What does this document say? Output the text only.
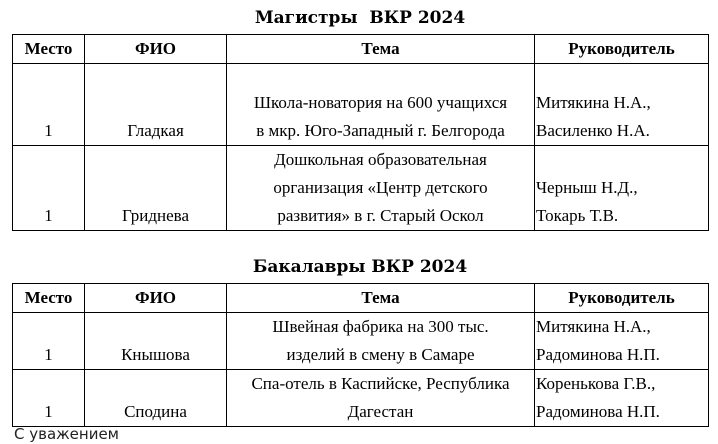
Магистры  ВКР 2024
Место	ФИО	Тема	Руководитель
1	Гладкая	Школа-новатория на 600 учащихся
в мкр. Юго-Западный г. Белгорода	Митякина Н.А.,
Василенко Н.А.

1	Гриднева	Дошкольная образовательная
организация «Центр детского
развития» в г. Старый Оскол	Черныш Н.Д.,
Токарь Т.В.
Бакалавры ВКР 2024
Место	ФИО	Тема	Руководитель
1	Кнышова	Швейная фабрика на 300 тыс.
изделий в смену в Самаре	Митякина Н.А.,
Радоминова Н.П.

1	Сподина	Спа-отель в Каспийске, Республика
Дагестан	Коренькова Г.В.,
Радоминова Н.П.
С уважением
